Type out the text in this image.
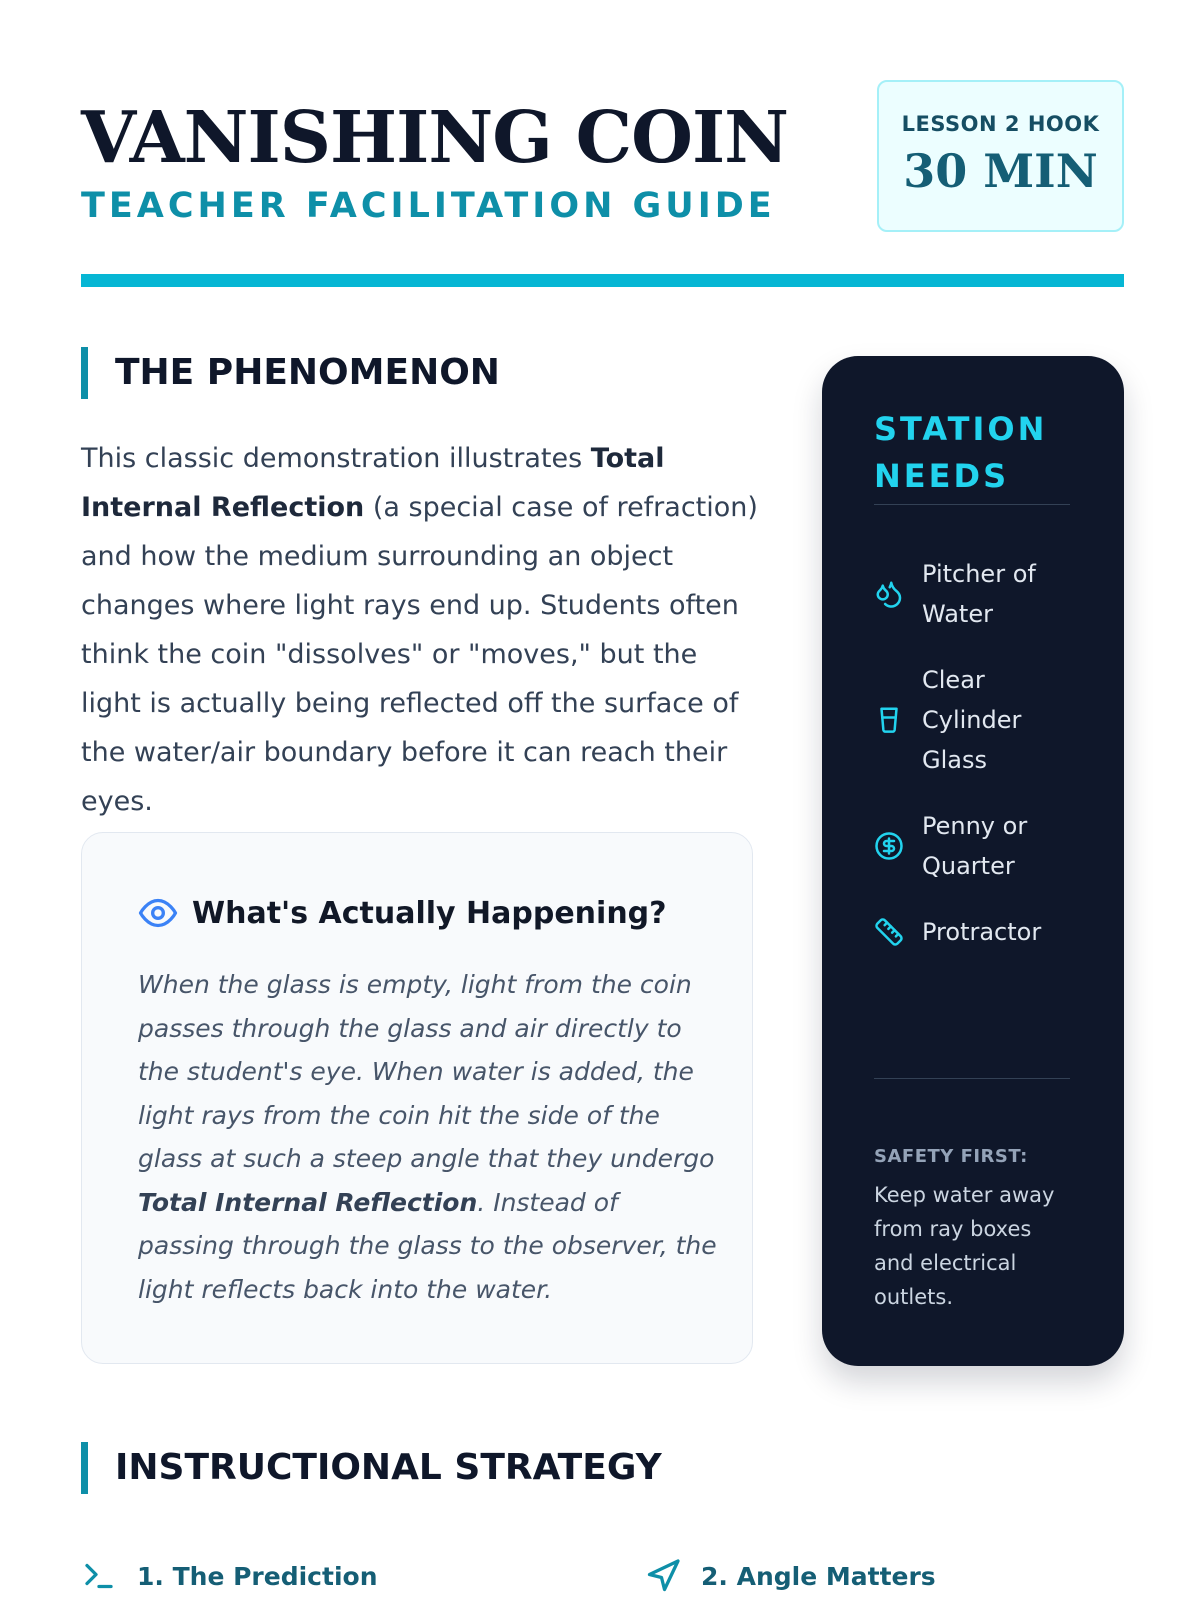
VANISHING COIN
TEACHER FACILITATION GUIDE
LESSON 2 HOOK
30 MIN
THE PHENOMENON

This classic demonstration illustrates Total Internal Reflection (a special case of refraction) and how the medium surrounding an object changes where light rays end up. Students often think the coin "dissolves" or "moves," but the light is actually being reflected off the surface of the water/air boundary before it can reach their eyes.

What's Actually Happening?

When the glass is empty, light from the coin passes through the glass and air directly to the student's eye. When water is added, the light rays from the coin hit the side of the glass at such a steep angle that they undergo Total Internal Reflection. Instead of passing through the glass to the observer, the light reflects back into the water.

STATION NEEDS
Pitcher of Water
Clear Cylinder Glass
Penny or Quarter
Protractor
SAFETY FIRST:

Keep water away from ray boxes and electrical outlets.

INSTRUCTIONAL STRATEGY
1. The Prediction	2. Angle Matters
